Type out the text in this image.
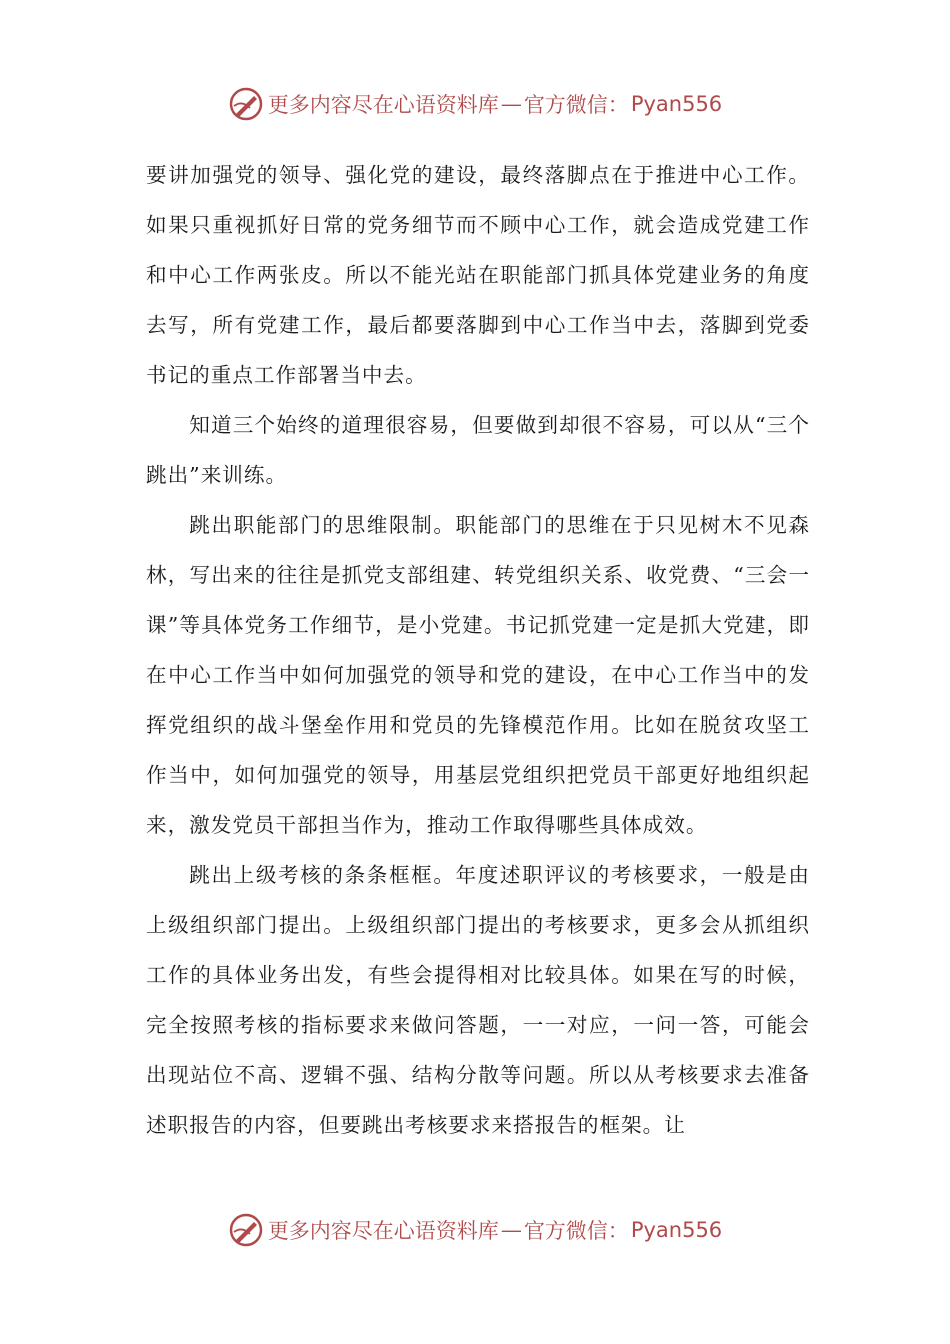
更多内容尽在心语资料库 — 官方微信： Pyan556

要讲加强党的领导、强化党的建设，最终落脚点在于推进中心工作。如果只重视抓好日常的党务细节而不顾中心工作，就会造成党建工作和中心工作两张皮。所以不能光站在职能部门抓具体党建业务的角度去写，所有党建工作，最后都要落脚到中心工作当中去，落脚到党委书记的重点工作部署当中去。

知道三个始终的道理很容易，但要做到却很不容易，可以从“三个跳出”来训练。

跳出职能部门的思维限制。职能部门的思维在于只见树木不见森林，写出来的往往是抓党支部组建、转党组织关系、收党费、“三会一课”等具体党务工作细节，是小党建。书记抓党建一定是抓大党建，即在中心工作当中如何加强党的领导和党的建设，在中心工作当中的发挥党组织的战斗堡垒作用和党员的先锋模范作用。比如在脱贫攻坚工作当中，如何加强党的领导，用基层党组织把党员干部更好地组织起来，激发党员干部担当作为，推动工作取得哪些具体成效。

跳出上级考核的条条框框。年度述职评议的考核要求，一般是由上级组织部门提出。上级组织部门提出的考核要求，更多会从抓组织工作的具体业务出发，有些会提得相对比较具体。如果在写的时候，完全按照考核的指标要求来做问答题，一一对应，一问一答，可能会出现站位不高、逻辑不强、结构分散等问题。所以从考核要求去准备述职报告的内容，但要跳出考核要求来搭报告的框架。让

更多内容尽在心语资料库 — 官方微信： Pyan556
